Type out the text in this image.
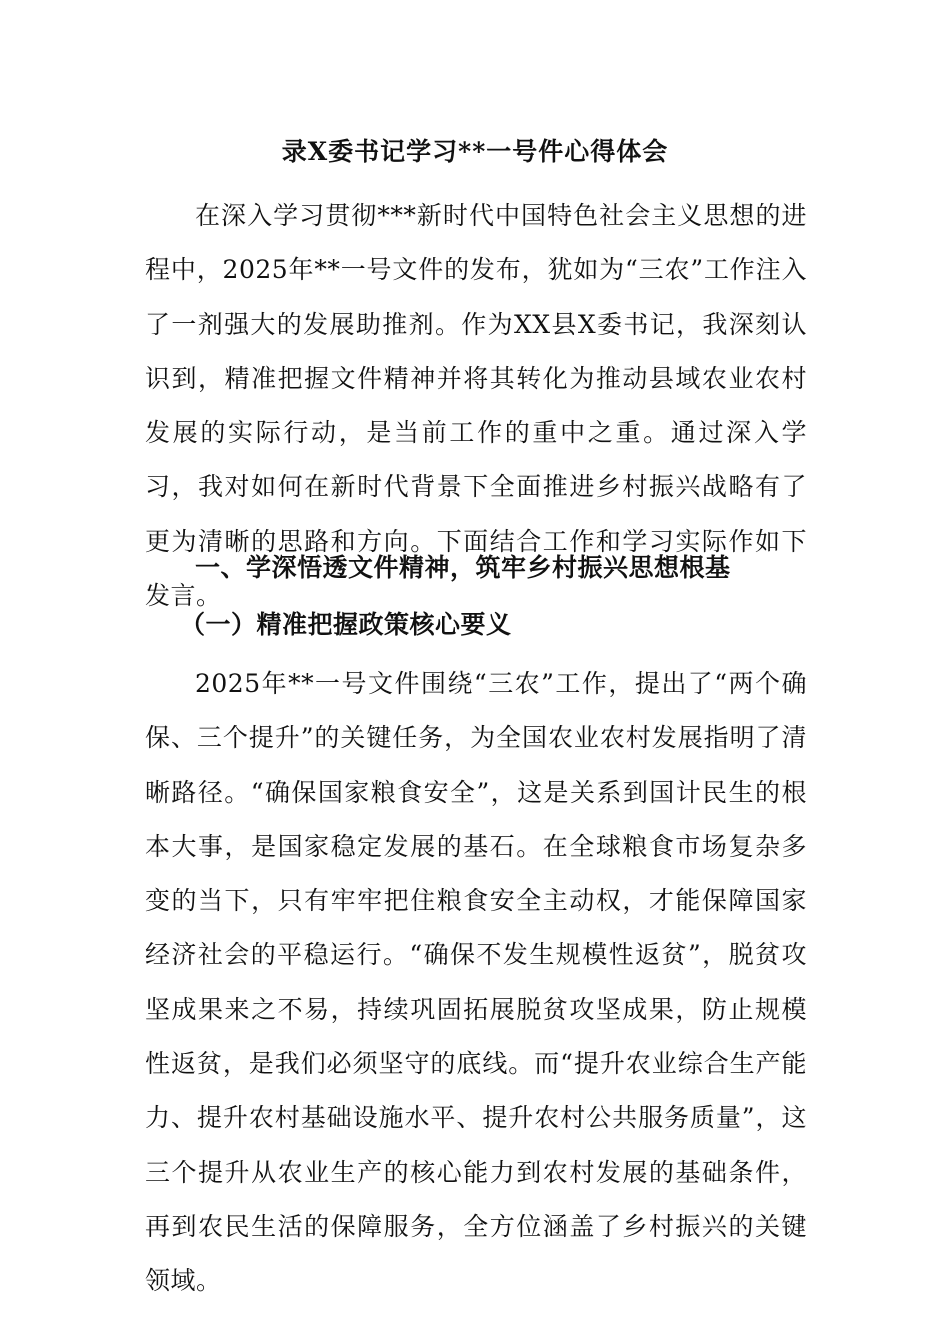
录X委书记学习**一号件心得体会

在深入学习贯彻***新时代中国特色社会主义思想的进程中，2025年**一号文件的发布，犹如为“三农”工作注入了一剂强大的发展助推剂。作为XX县X委书记，我深刻认识到，精准把握文件精神并将其转化为推动县域农业农村发展的实际行动，是当前工作的重中之重。通过深入学习，我对如何在新时代背景下全面推进乡村振兴战略有了更为清晰的思路和方向。下面结合工作和学习实际作如下发言。

一、学深悟透文件精神，筑牢乡村振兴思想根基

（一）精准把握政策核心要义

2025年**一号文件围绕“三农”工作，提出了“两个确保、三个提升”的关键任务，为全国农业农村发展指明了清晰路径。“确保国家粮食安全”，这是关系到国计民生的根本大事，是国家稳定发展的基石。在全球粮食市场复杂多变的当下，只有牢牢把住粮食安全主动权，才能保障国家经济社会的平稳运行。“确保不发生规模性返贫”，脱贫攻坚成果来之不易，持续巩固拓展脱贫攻坚成果，防止规模性返贫，是我们必须坚守的底线。而“提升农业综合生产能力、提升农村基础设施水平、提升农村公共服务质量”，这三个提升从农业生产的核心能力到农村发展的基础条件，再到农民生活的保障服务，全方位涵盖了乡村振兴的关键领域。
